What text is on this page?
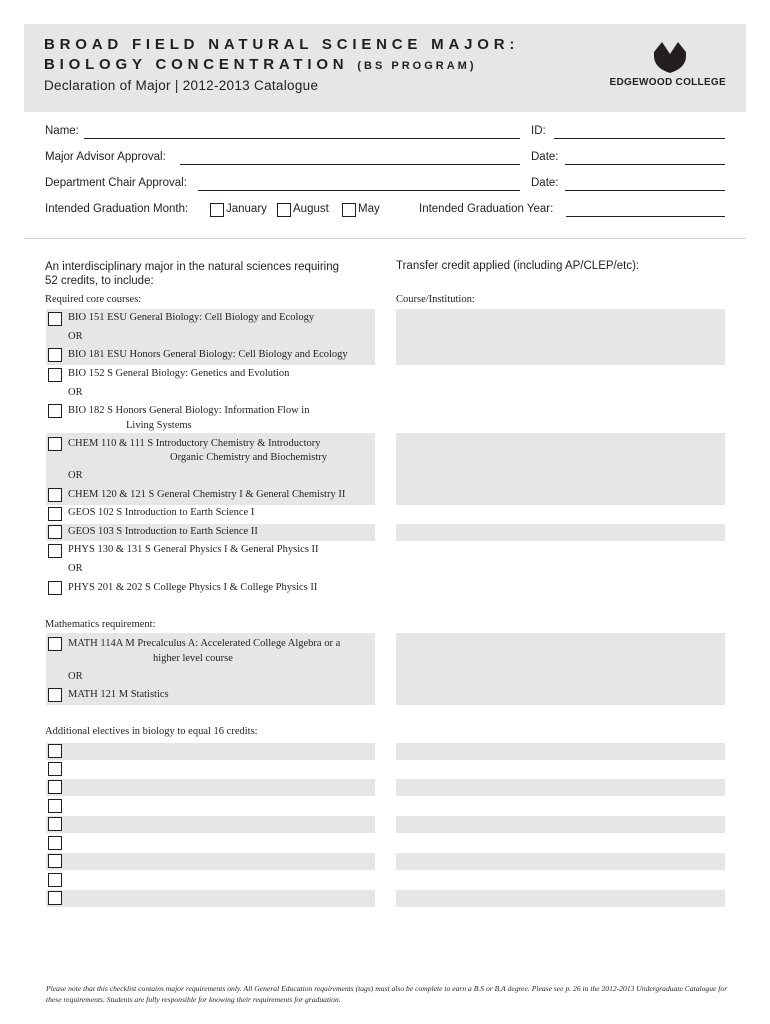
BROAD FIELD NATURAL SCIENCE MAJOR:
BIOLOGY CONCENTRATION (BS PROGRAM)
Declaration of Major | 2012-2013 Catalogue	EDGEWOOD COLLEGE
Name:	ID:
Major Advisor Approval:	Date:
Department Chair Approval:	Date:
Intended Graduation Month:	January August	May	Intended Graduation Year:
An interdisciplinary major in the natural sciences requiring
52 credits, to include:
Transfer credit applied (including AP/CLEP/etc):
Required core courses:	Course/Institution:
BIO 151 ESU General Biology: Cell Biology and Ecology
OR
BIO 181 ESU Honors General Biology: Cell Biology and Ecology
BIO 152 S General Biology: Genetics and Evolution
OR
BIO 182 S Honors General Biology: Information Flow in
Living Systems
CHEM 110 & 111 S Introductory Chemistry & Introductory
Organic Chemistry and Biochemistry
OR
CHEM 120 & 121 S General Chemistry I & General Chemistry II
GEOS 102 S Introduction to Earth Science I
GEOS 103 S Introduction to Earth Science II
PHYS 130 & 131 S General Physics I & General Physics II
OR
PHYS 201 & 202 S College Physics I & College Physics II
Mathematics requirement:
MATH 114A M Precalculus A: Accelerated College Algebra or a
higher level course
OR
MATH 121 M Statistics
Additional electives in biology to equal 16 credits:
Please note that this checklist contains major requirements only. All General Education requirements (tags) must also be complete to earn a B.S or B.A degree. Please see p. 26 in the 2012-2013 Undergraduate Catalogue for these requirements. Students are fully responsible for knowing their requirements for graduation.
